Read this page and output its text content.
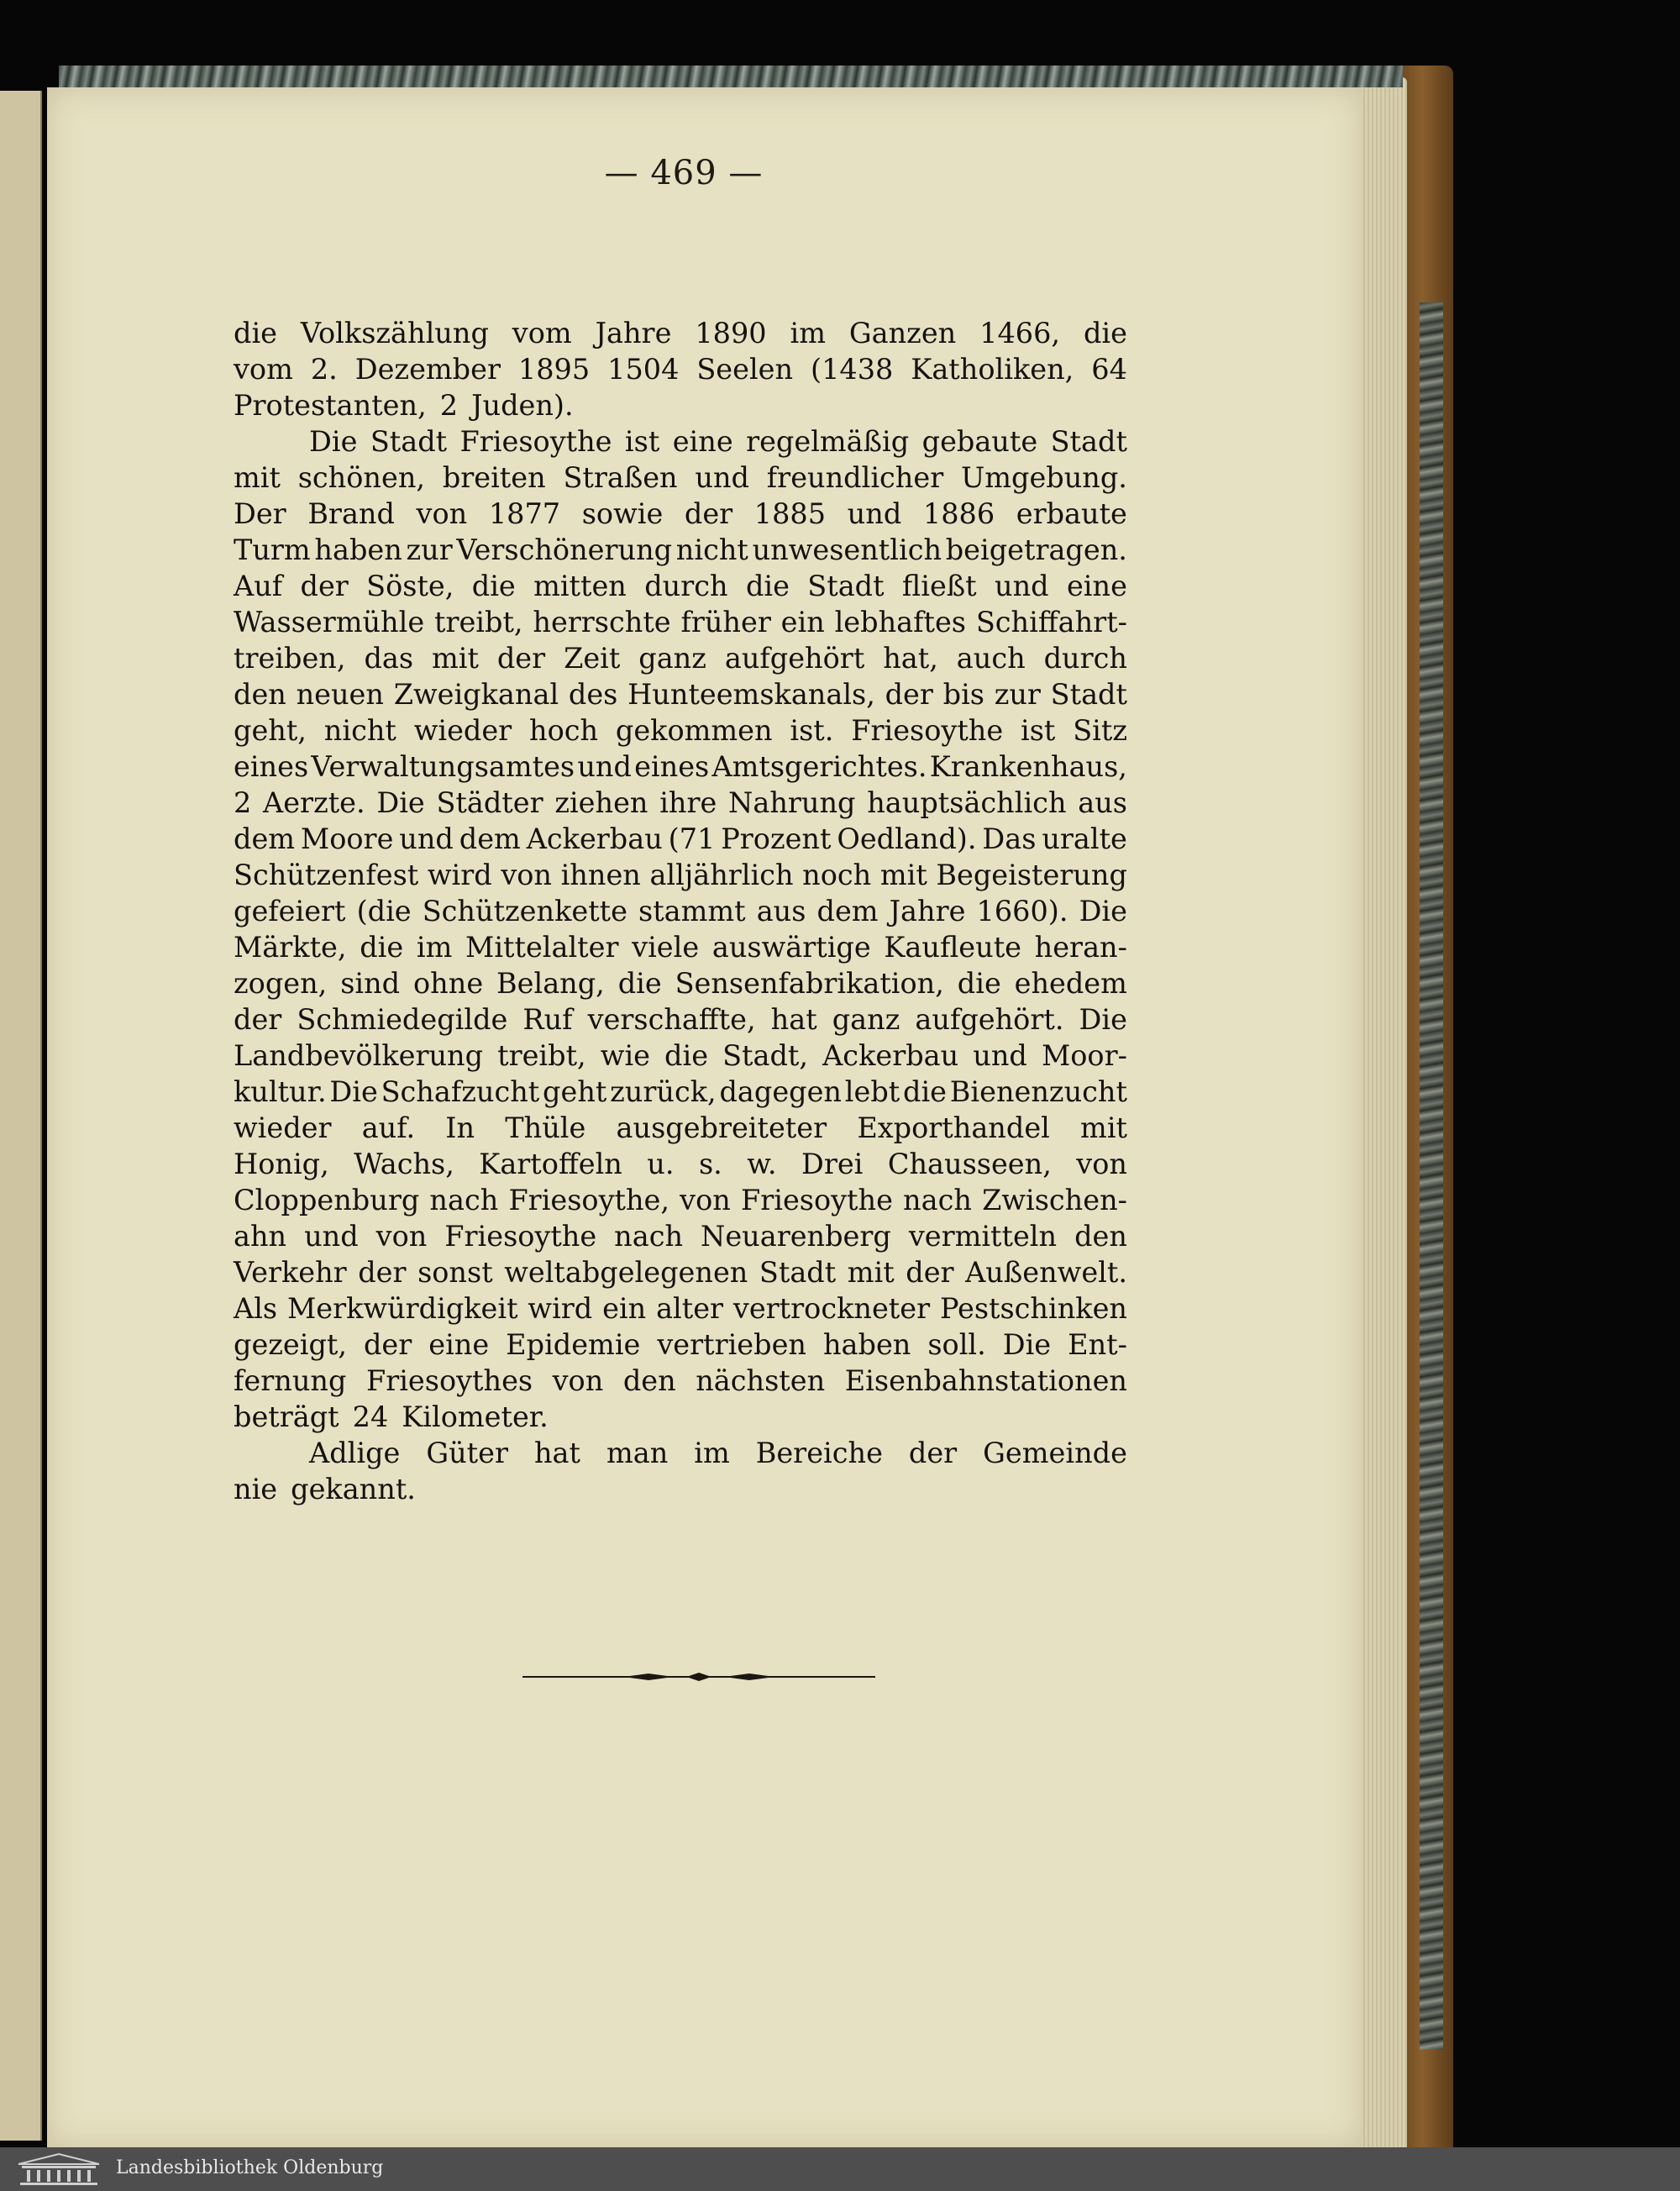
— 469 —
die Volkszählung vom Jahre 1890 im Ganzen 1466, die
vom 2. Dezember 1895 1504 Seelen (1438 Katholiken, 64
Protestanten, 2 Juden).
Die Stadt Friesoythe ist eine regelmäßig gebaute Stadt
mit schönen, breiten Straßen und freundlicher Umgebung.
Der Brand von 1877 sowie der 1885 und 1886 erbaute
Turm haben zur Verschönerung nicht unwesentlich beigetragen.
Auf der Söste, die mitten durch die Stadt fließt und eine
Wassermühle treibt, herrschte früher ein lebhaftes Schiffahrt-
treiben, das mit der Zeit ganz aufgehört hat, auch durch
den neuen Zweigkanal des Hunteemskanals, der bis zur Stadt
geht, nicht wieder hoch gekommen ist. Friesoythe ist Sitz
eines Verwaltungsamtes und eines Amtsgerichtes. Krankenhaus,
2 Aerzte. Die Städter ziehen ihre Nahrung hauptsächlich aus
dem Moore und dem Ackerbau (71 Prozent Oedland). Das uralte
Schützenfest wird von ihnen alljährlich noch mit Begeisterung
gefeiert (die Schützenkette stammt aus dem Jahre 1660). Die
Märkte, die im Mittelalter viele auswärtige Kaufleute heran-
zogen, sind ohne Belang, die Sensenfabrikation, die ehedem
der Schmiedegilde Ruf verschaffte, hat ganz aufgehört. Die
Landbevölkerung treibt, wie die Stadt, Ackerbau und Moor-
kultur. Die Schafzucht geht zurück, dagegen lebt die Bienenzucht
wieder auf. In Thüle ausgebreiteter Exporthandel mit
Honig, Wachs, Kartoffeln u. s. w. Drei Chausseen, von
Cloppenburg nach Friesoythe, von Friesoythe nach Zwischen-
ahn und von Friesoythe nach Neuarenberg vermitteln den
Verkehr der sonst weltabgelegenen Stadt mit der Außenwelt.
Als Merkwürdigkeit wird ein alter vertrockneter Pestschinken
gezeigt, der eine Epidemie vertrieben haben soll. Die Ent-
fernung Friesoythes von den nächsten Eisenbahnstationen
beträgt 24 Kilometer.
Adlige Güter hat man im Bereiche der Gemeinde
nie gekannt.
Landesbibliothek Oldenburg
